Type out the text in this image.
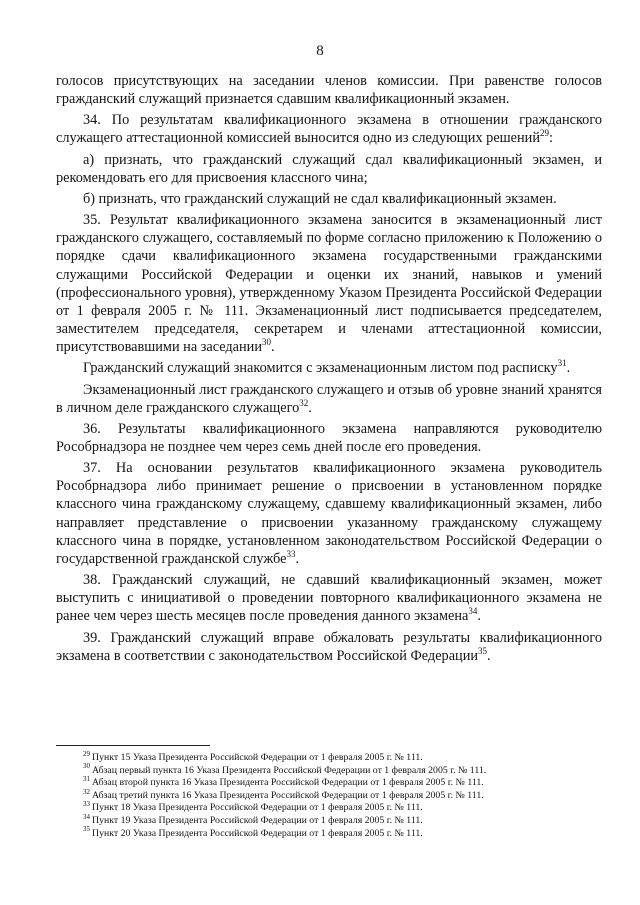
8

голосов присутствующих на заседании членов комиссии. При равенстве голосов гражданский служащий признается сдавшим квалификационный экзамен.

34. По результатам квалификационного экзамена в отношении гражданского служащего аттестационной комиссией выносится одно из следующих решений$^{29}$:

а) признать, что гражданский служащий сдал квалификационный экзамен, и рекомендовать его для присвоения классного чина;

б) признать, что гражданский служащий не сдал квалификационный экзамен.

35. Результат квалификационного экзамена заносится в экзаменационный лист гражданского служащего, составляемый по форме согласно приложению к Положению о порядке сдачи квалификационного экзамена государственными гражданскими служащими Российской Федерации и оценки их знаний, навыков и умений (профессионального уровня), утвержденному Указом Президента Российской Федерации от 1 февраля 2005 г. № 111. Экзаменационный лист подписывается председателем, заместителем председателя, секретарем и членами аттестационной комиссии, присутствовавшими на заседании$^{30}$.

Гражданский служащий знакомится с экзаменационным листом под расписку$^{31}$.

Экзаменационный лист гражданского служащего и отзыв об уровне знаний хранятся в личном деле гражданского служащего$^{32}$.

36. Результаты квалификационного экзамена направляются руководителю Рособрнадзора не позднее чем через семь дней после его проведения.

37. На основании результатов квалификационного экзамена руководитель Рособрнадзора либо принимает решение о присвоении в установленном порядке классного чина гражданскому служащему, сдавшему квалификационный экзамен, либо направляет представление о присвоении указанному гражданскому служащему классного чина в порядке, установленном законодательством Российской Федерации о государственной гражданской службе$^{33}$.

38. Гражданский служащий, не сдавший квалификационный экзамен, может выступить с инициативой о проведении повторного квалификационного экзамена не ранее чем через шесть месяцев после проведения данного экзамена$^{34}$.

39. Гражданский служащий вправе обжаловать результаты квалификационного экзамена в соответствии с законодательством Российской Федерации$^{35}$.

$^{29}$ Пункт 15 Указа Президента Российской Федерации от 1 февраля 2005 г. № 111.

$^{30}$ Абзац первый пункта 16 Указа Президента Российской Федерации от 1 февраля 2005 г. № 111.

$^{31}$ Абзац второй пункта 16 Указа Президента Российской Федерации от 1 февраля 2005 г. № 111.

$^{32}$ Абзац третий пункта 16 Указа Президента Российской Федерации от 1 февраля 2005 г. № 111.

$^{33}$ Пункт 18 Указа Президента Российской Федерации от 1 февраля 2005 г. № 111.

$^{34}$ Пункт 19 Указа Президента Российской Федерации от 1 февраля 2005 г. № 111.

$^{35}$ Пункт 20 Указа Президента Российской Федерации от 1 февраля 2005 г. № 111.
